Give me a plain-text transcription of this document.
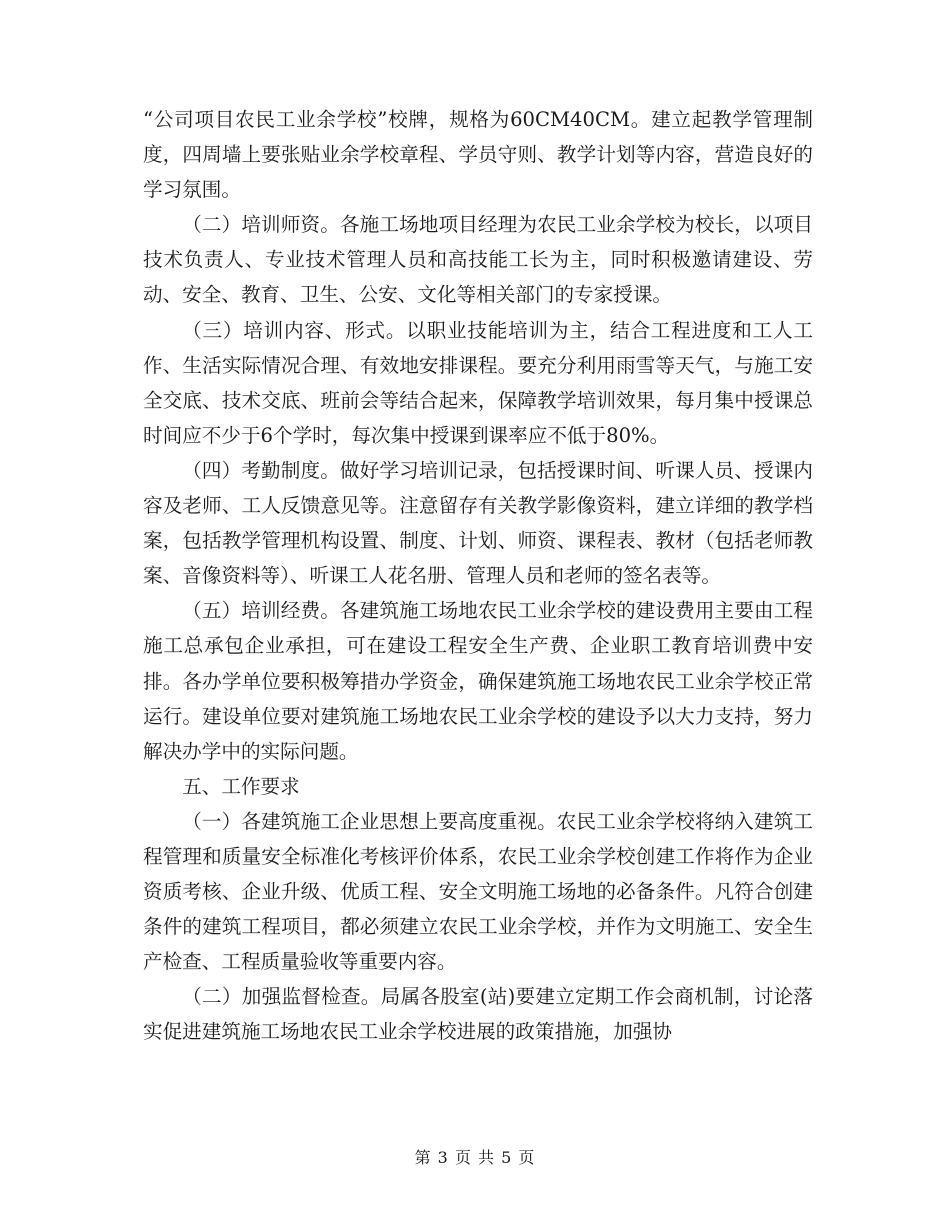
“公司项目农民工业余学校”校牌，规格为60CM40CM。建立起教学管理制度，四周墙上要张贴业余学校章程、学员守则、教学计划等内容，营造良好的学习氛围。

（二）培训师资。各施工场地项目经理为农民工业余学校为校长，以项目技术负责人、专业技术管理人员和高技能工长为主，同时积极邀请建设、劳动、安全、教育、卫生、公安、文化等相关部门的专家授课。

（三）培训内容、形式。以职业技能培训为主，结合工程进度和工人工作、生活实际情况合理、有效地安排课程。要充分利用雨雪等天气，与施工安全交底、技术交底、班前会等结合起来，保障教学培训效果，每月集中授课总时间应不少于6个学时，每次集中授课到课率应不低于80%。

（四）考勤制度。做好学习培训记录，包括授课时间、听课人员、授课内容及老师、工人反馈意见等。注意留存有关教学影像资料，建立详细的教学档案，包括教学管理机构设置、制度、计划、师资、课程表、教材（包括老师教案、音像资料等）、听课工人花名册、管理人员和老师的签名表等。

（五）培训经费。各建筑施工场地农民工业余学校的建设费用主要由工程施工总承包企业承担，可在建设工程安全生产费、企业职工教育培训费中安排。各办学单位要积极筹措办学资金，确保建筑施工场地农民工业余学校正常运行。建设单位要对建筑施工场地农民工业余学校的建设予以大力支持，努力解决办学中的实际问题。

五、工作要求

（一）各建筑施工企业思想上要高度重视。农民工业余学校将纳入建筑工程管理和质量安全标准化考核评价体系，农民工业余学校创建工作将作为企业资质考核、企业升级、优质工程、安全文明施工场地的必备条件。凡符合创建条件的建筑工程项目，都必须建立农民工业余学校，并作为文明施工、安全生产检查、工程质量验收等重要内容。

（二）加强监督检查。局属各股室(站)要建立定期工作会商机制，讨论落实促进建筑施工场地农民工业余学校进展的政策措施，加强协

第 3 页 共 5 页
